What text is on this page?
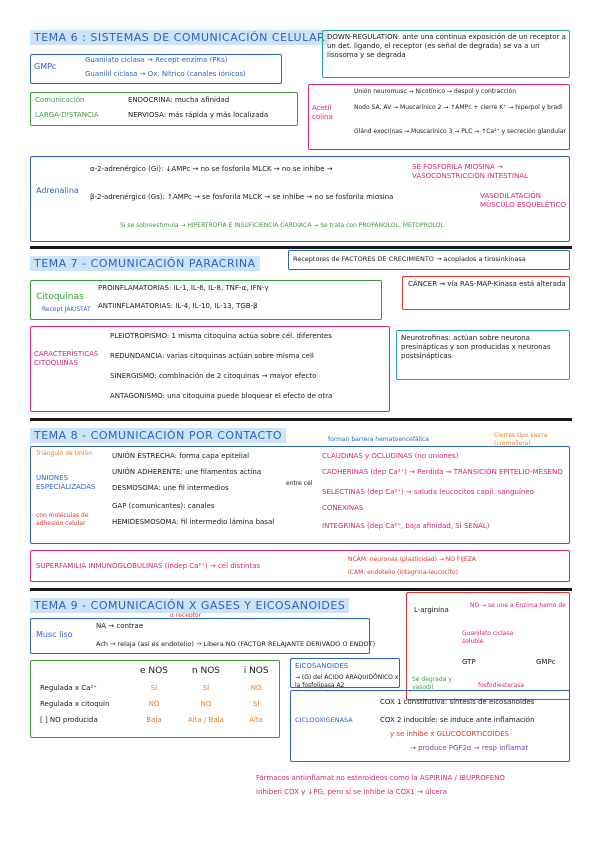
TEMA 6 : SISTEMAS DE COMUNICACIÓN CELULAR
GMPc
Guanilato ciclasa → Recept-enzima (PKs)
Guanilil ciclasa → Ox. Nítrico (canales iónicos)
DOWN-REGULATION: ante una continua exposición de un receptor a un det. ligando, el receptor (es señal de degrada) se va a un lisosoma y se degrada
Comunicación
LARGA-DISTANCIA
ENDOCRINA: mucha afinidad
NERVIOSA: más rápida y más localizada
Acetil colina
Unión neuromusc → Nicotínico → despol y contracción
Nodo SA, AV → Muscarínico 2 → ↑AMPc + cierre K⁺ → hiperpol y bradi
Glánd exocrinas → Muscarínico 3 → PLC → ↑Ca²⁺ y secreción glandular
Adrenalina
α-2-adrenérgico (Gi): ↓AMPc → no se fosforila MLCK → no se inhibe →	SE FOSFORILA MIOSINA → VASOCONSTRICCIÓN INTESTINAL
β-2-adrenérgico (Gs): ↑AMPc → se fosforila MLCK → se inhibe → no se fosforila miosina	VASODILATACIÓN MÚSCULO ESQUELÉTICO
Si se sobreestimula → HIPERTROFIA E INSUFICIENCIA CARDIACA → Se trata con PROPANOLOL, METOPROLOL
TEMA 7 - COMUNICACIÓN PARACRINA	Receptores de FACTORES DE CRECIMIENTO → acoplados a tirosinkinasa
Citoquinas
Recept JAK/STAT
PROINFLAMATORIAS: IL-1, IL-6, IL-8, TNF-α, IFN-γ
ANTIINFLAMATORIAS: IL-4, IL-10, IL-13, TGB-β
CÁNCER → vía RAS-MAP-Kinasa está alterada
CARACTERÍSTICAS CITOQUINAS
PLEIOTROPISMO: 1 misma citoquina actúa sobre cél. diferentes
REDUNDANCIA: varias citoquinas actúan sobre misma cell
SINERGISMO: combinación de 2 citoquinas → mayor efecto
ANTAGONISMO: una citoquina puede bloquear el efecto de otra
Neurotrofinas: actúan sobre neurona presinápticas y son producidas x neuronas postsinápticas
TEMA 8 - COMUNICACIÓN POR CONTACTO
Triángulo de Unión
UNIONES ESPECIALIZADAS
con moléculas de adhesión celular
UNIÓN ESTRECHA: forma capa epitelial
UNIÓN ADHERENTE: une filamentos actina
DESMOSOMA: une fil intermedios
GAP (comunicantes): canales
HEMIDESMOSOMA: fil intermedio lámina basal
entre cél
forman barrera hematoencefálica
Cierres tipo sierra (cremallera)
CLAUDINAS y OCLUDINAS (no uniones)
CADHERINAS (dep Ca²⁺) → Perdida → TRANSICIÓN EPITELIO-MESENQ
SELECTINAS (dep Ca²⁺) → saluda leucocitos capil. sanguíneo
CONEXINAS
INTEGRINAS (dep Ca²⁺, baja afinidad, SÍ SEÑAL)
SUPERFAMILIA INMUNOGLOBULINAS (indep Ca²⁺) → cél distintas
NCAM: neuronas (plasticidad) → NO FIJEZA
ICAM: endotelio (integrina-leucocito)
TEMA 9 - COMUNICACIÓN X GASES Y EICOSANOIDES
Musc liso
NA → contrae
α receptor
Ach → relaja (así es endotelio) → Libera NO (FACTOR RELAJANTE DERIVADO O ENDOT)
L-arginina
NO → se une a Enzima hemo de
Guanilato ciclasa soluble
GTP	GMPc
fosfodiesterasa
Se degrada y vasodil
	e NOS	n NOS	i NOS
Regulada x Ca²⁺	SÍ	SÍ	NO
Regulada x citoquin	NO	NO	SÍ
[ ] NO producida	Baja	Alta / Baja	Alta
EICOSANOIDES
→ (G) del ÁCIDO ARAQUIDÓNICO x la fosfolipasa A2
CICLOOXIGENASA
COX 1 constitutiva: síntesis de eicosanoides
COX 2 inducible: se induce ante inflamación
y se inhibe x GLUCOCORTICOIDES
→ produce PGF2α → resp inflamat
Fármacos antiinflamat no esteroideos como la ASPIRINA / IBUPROFENO
inhiben COX y ↓PG, pero si se inhibe la COX1 → úlcera
